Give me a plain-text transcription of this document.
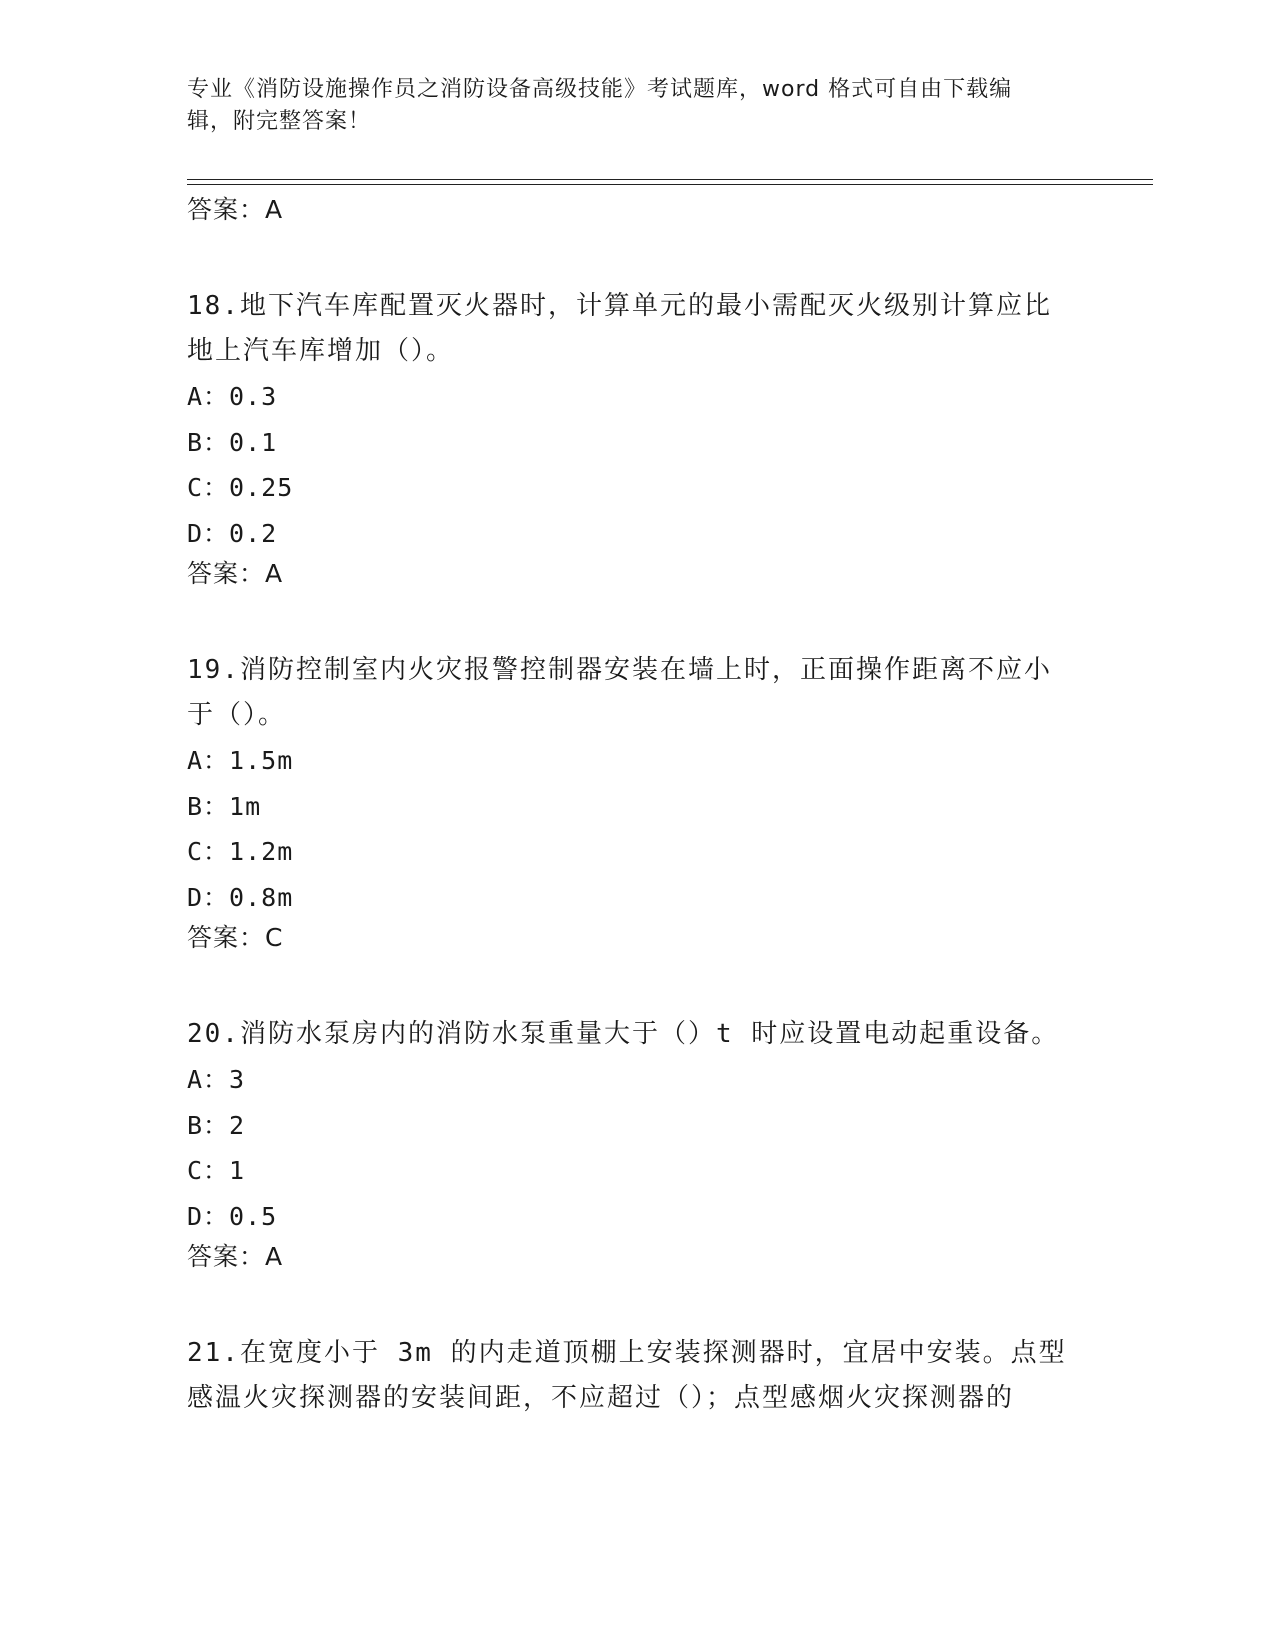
专业《消防设施操作员之消防设备高级技能》考试题库，word 格式可自由下载编
辑，附完整答案！
答案：A
18.地下汽车库配置灭火器时，计算单元的最小需配灭火级别计算应比
地上汽车库增加（）。
A：0.3
B：0.1
C：0.25
D：0.2
答案：A
19.消防控制室内火灾报警控制器安装在墙上时，正面操作距离不应小
于（）。
A：1.5m
B：1m
C：1.2m
D：0.8m
答案：C
20.消防水泵房内的消防水泵重量大于（）t 时应设置电动起重设备。
A：3
B：2
C：1
D：0.5
答案：A
21.在宽度小于 3m 的内走道顶棚上安装探测器时，宜居中安装。点型
感温火灾探测器的安装间距，不应超过（）；点型感烟火灾探测器的
